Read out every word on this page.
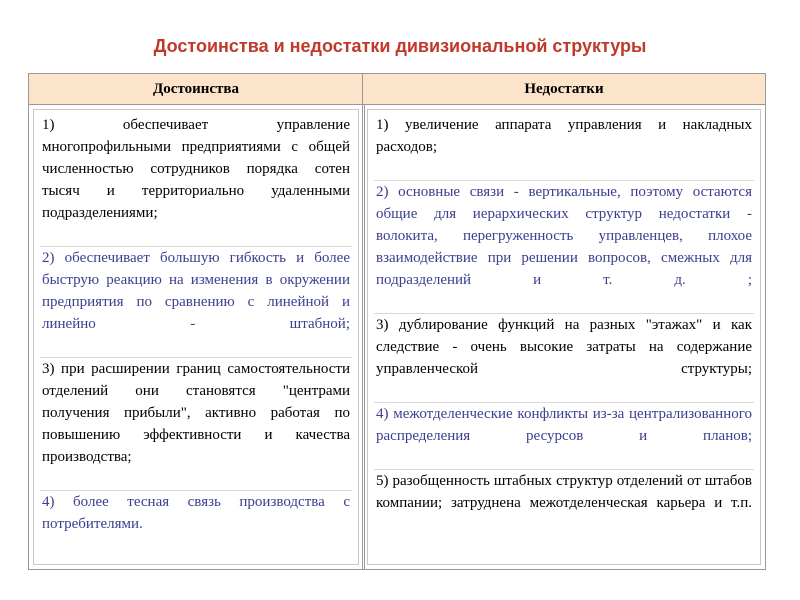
Достоинства и недостатки дивизиональной структуры
Достоинства
1) обеспечивает управление многопрофильными предприятиями с общей численностью сотрудников порядка сотен тысяч и территориально удаленными подразделениями;
2) обеспечивает большую гибкость и более быструю реакцию на изменения в окружении предприятия по сравнению с линейной и линейно - штабной;
3) при расширении границ самостоятельности отделений они становятся "центрами получения прибыли", активно работая по повышению эффективности и качества производства;
4) более тесная связь производства с потребителями.
Недостатки
1) увеличение аппарата управления и накладных расходов;
2) основные связи - вертикальные, поэтому остаются общие для иерархических структур недостатки - волокита, перегруженность управленцев, плохое взаимодействие при решении вопросов, смежных для подразделений и т. д. ;
3) дублирование функций на разных "этажах" и как следствие - очень высокие затраты на содержание управленческой структуры;
4) межотделенческие конфликты из-за централизованного распределения ресурсов и планов;
5) разобщенность штабных структур отделений от штабов компании; затруднена межотделенческая карьера и т.п.
